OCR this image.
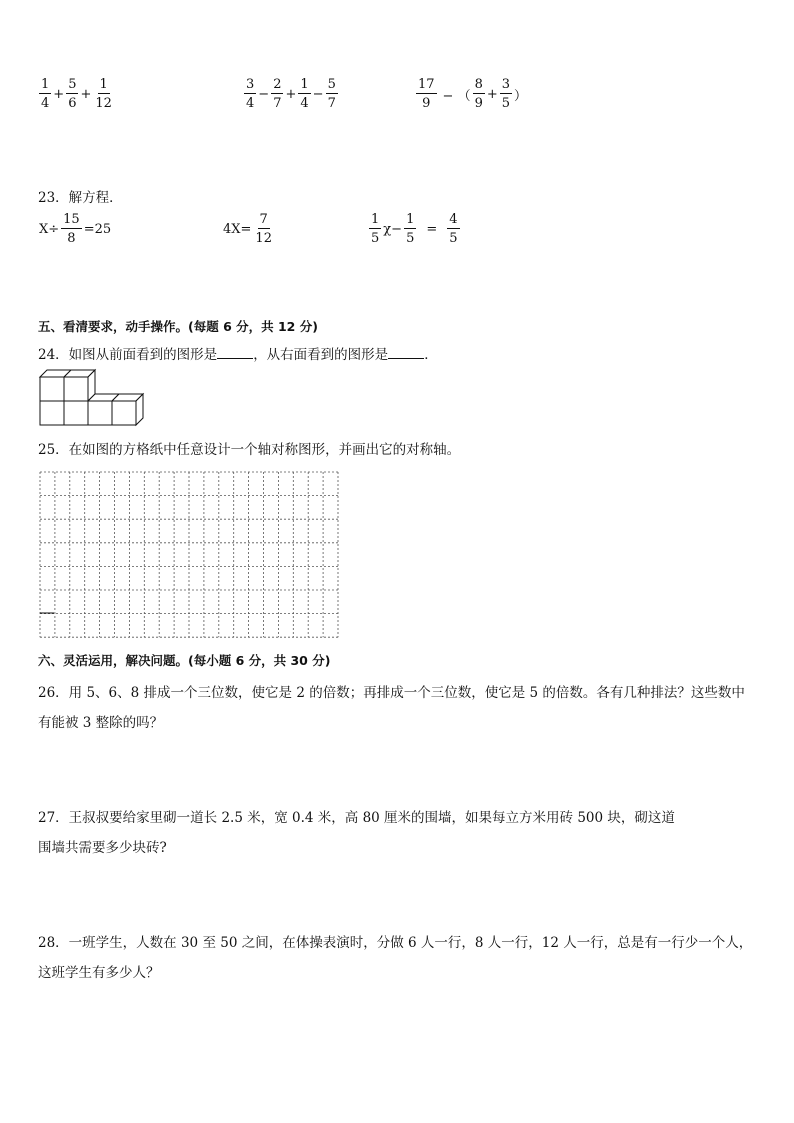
$\frac{1}{4} + \frac{5}{6} + \frac{1}{12}$	$\frac{3}{4} - \frac{2}{7} + \frac{1}{4} - \frac{5}{7}$	$\frac{17}{9}$ − （ $\frac{8}{9} + \frac{3}{5}$ ）
23．解方程．
$X\div \frac{15}{8} =25$	$4X= \frac{7}{12}$	$\frac{1}{5} \chi- \frac{1}{5} = \frac{4}{5}$
五、看清要求，动手操作。(每题 6 分，共 12 分)
24．如图从前面看到的图形是	，从右面看到的图形是	．
25．在如图的方格纸中任意设计一个轴对称图形，并画出它的对称轴。
六、灵活运用，解决问题。(每小题 6 分，共 30 分)
26．用 5、6、8 排成一个三位数，使它是 2 的倍数；再排成一个三位数，使它是 5 的倍数。各有几种排法？这些数中
有能被 3 整除的吗？
27．王叔叔要给家里砌一道长 2.5 米，宽 0.4 米，高 80 厘米的围墙，如果每立方米用砖 500 块，砌这道
围墙共需要多少块砖?
28．一班学生，人数在 30 至 50 之间，在体操表演时，分做 6 人一行，8 人一行，12 人一行，总是有一行少一个人，
这班学生有多少人？
